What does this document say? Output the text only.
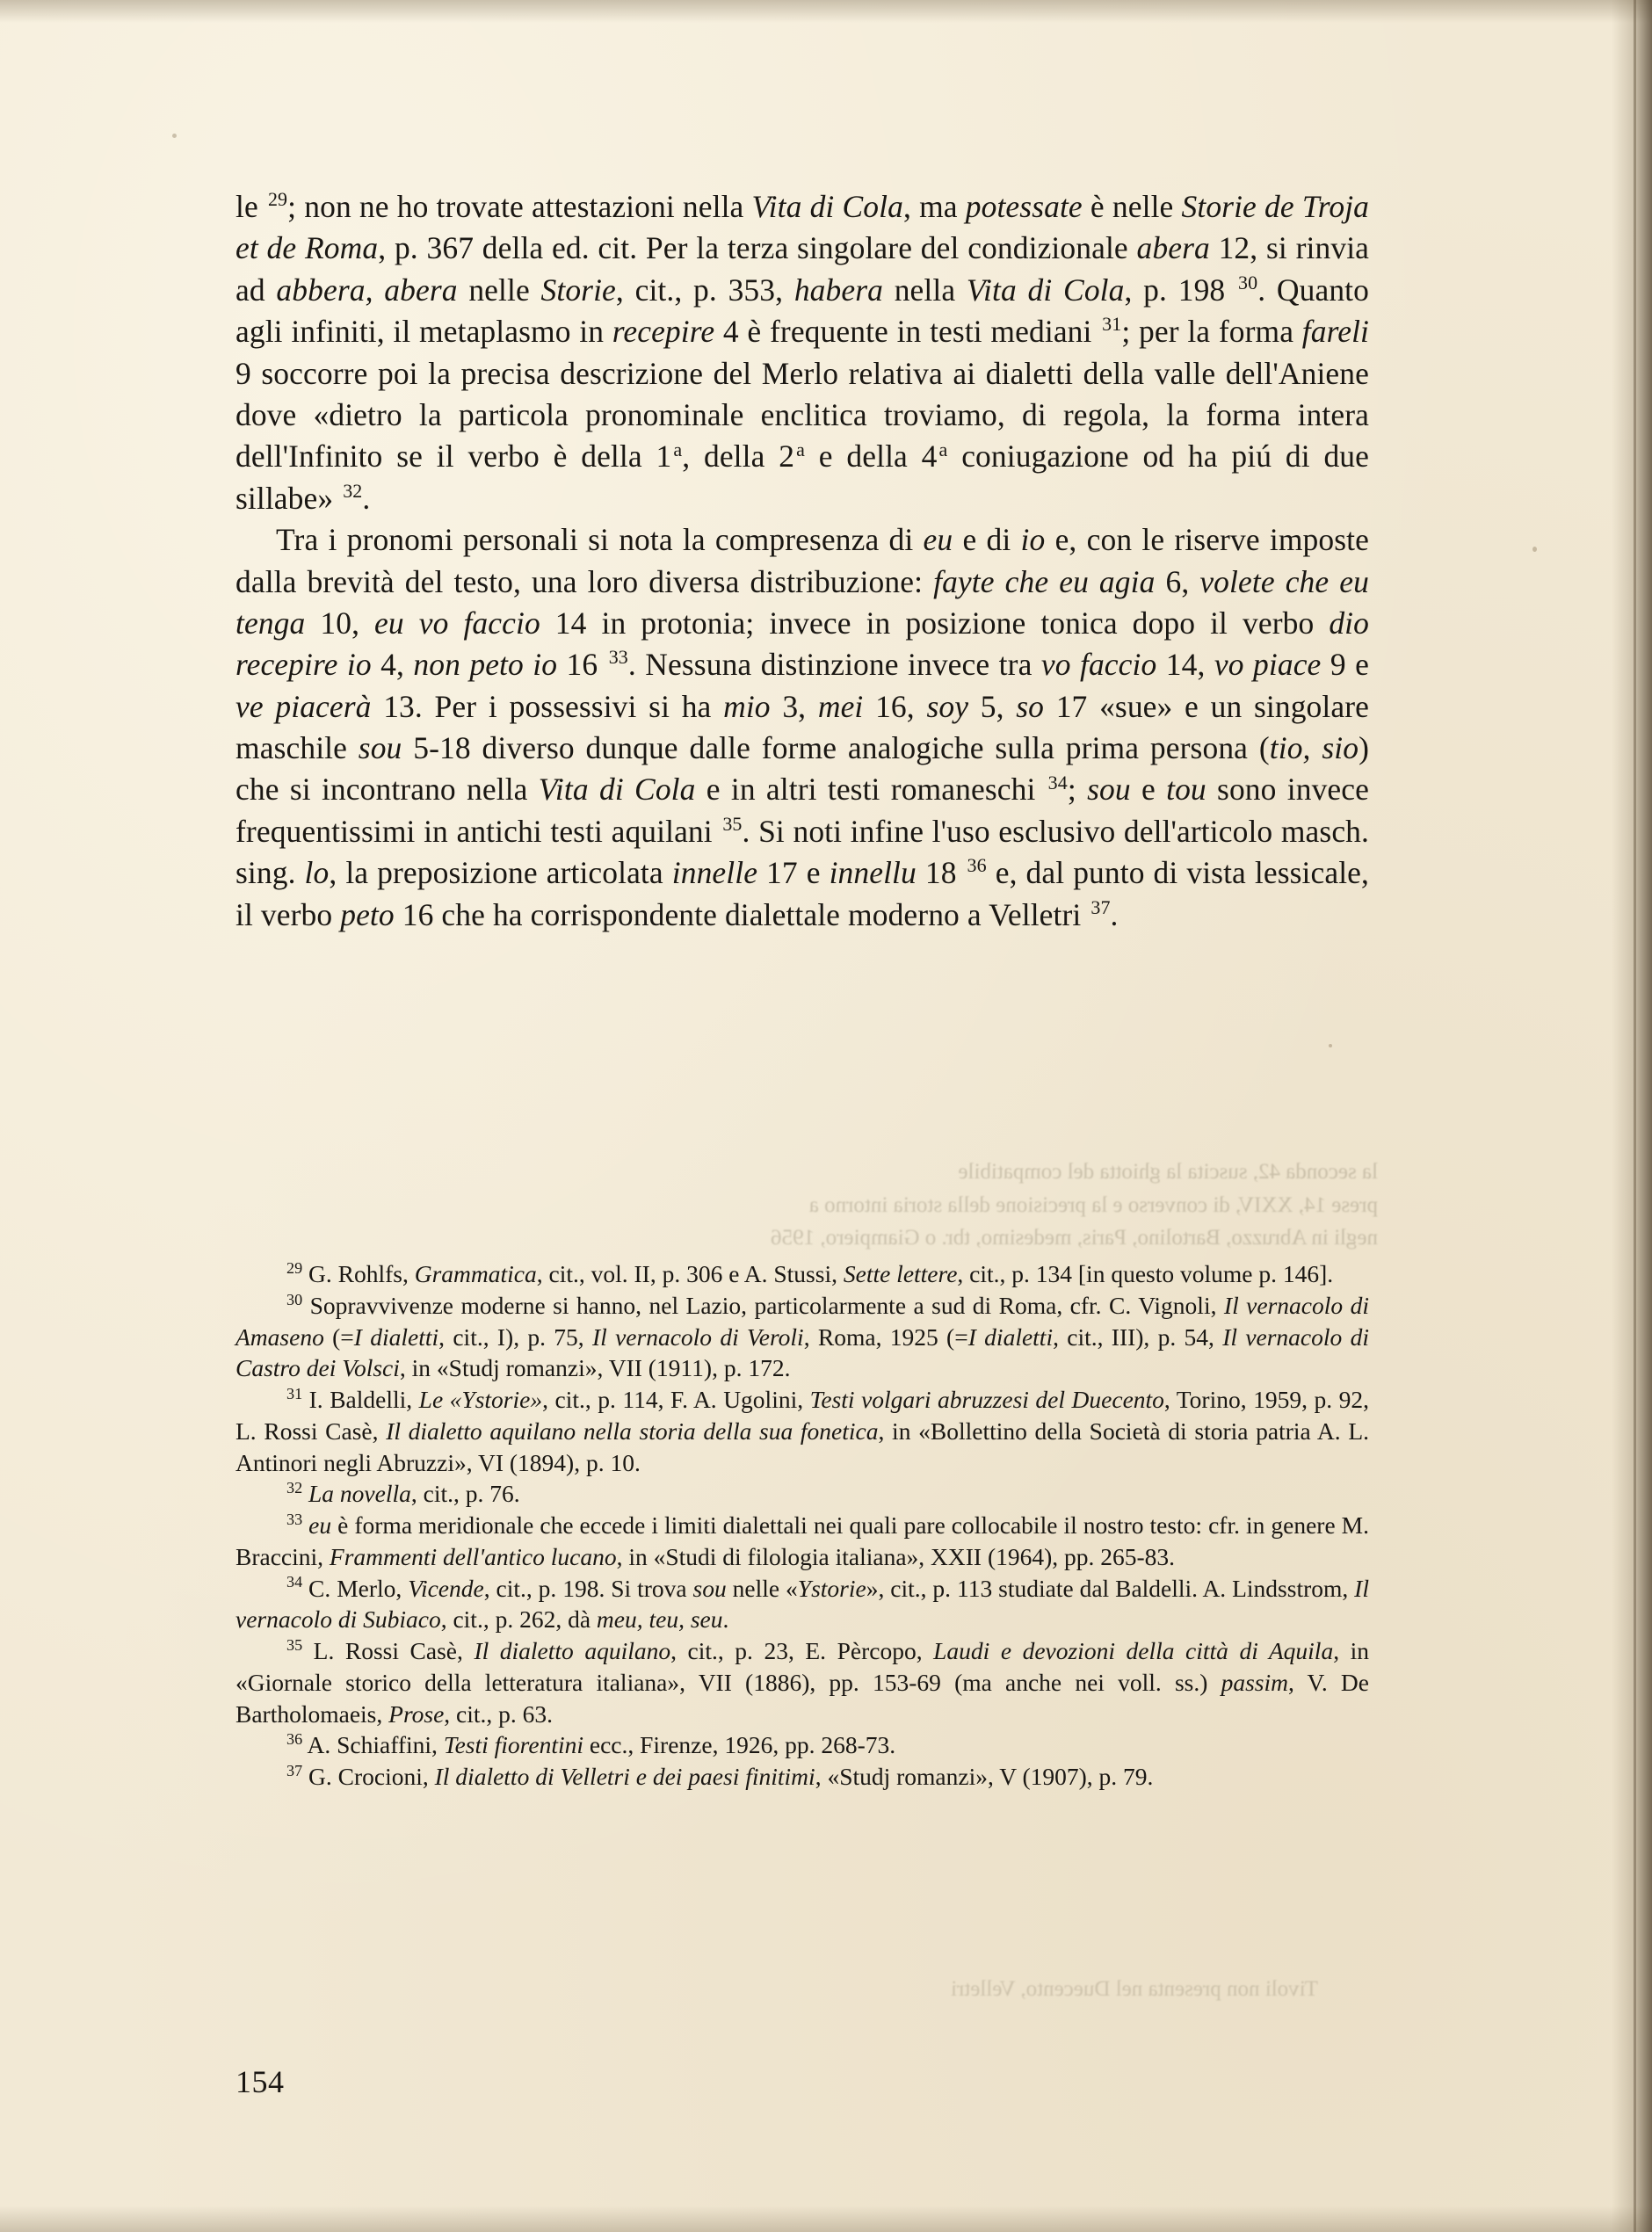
la seconda 42, suscita la ghiotta del compatibile
prese 14, XXIV, di converso e la precisione della storia intorno a
negli in Abruzzo, Bartolino, Paris, medesimo, tbr. o Giampiero, 1956
Tivoli non presenta nel Duecento, Velletri

le $^{29}$; non ne ho trovate attestazioni nella Vita di Cola, ma potessate è nelle Storie de Troja et de Roma, p. 367 della ed. cit. Per la terza singolare del condizionale abera 12, si rinvia ad abbera, abera nelle Storie, cit., p. 353, habera nella Vita di Cola, p. 198 $^{30}$. Quanto agli infiniti, il metaplasmo in recepire 4 è frequente in testi mediani $^{31}$; per la forma fareli 9 soccorre poi la precisa descrizione del Merlo relativa ai dialetti della valle dell'Aniene dove «dietro la particola pronominale enclitica troviamo, di regola, la forma intera dell'Infinito se il verbo è della 1$^a$, della 2$^a$ e della 4$^a$ coniugazione od ha piú di due sillabe» $^{32}$.

Tra i pronomi personali si nota la compresenza di eu e di io e, con le riserve imposte dalla brevità del testo, una loro diversa distribuzione: fayte che eu agia 6, volete che eu tenga 10, eu vo faccio 14 in protonia; invece in posizione tonica dopo il verbo dio recepire io 4, non peto io 16 $^{33}$. Nessuna distinzione invece tra vo faccio 14, vo piace 9 e ve piacerà 13. Per i possessivi si ha mio 3, mei 16, soy 5, so 17 «sue» e un singolare maschile sou 5-18 diverso dunque dalle forme analogiche sulla prima persona (tio, sio) che si incontrano nella Vita di Cola e in altri testi romaneschi $^{34}$; sou e tou sono invece frequentissimi in antichi testi aquilani $^{35}$. Si noti infine l'uso esclusivo dell'articolo masch. sing. lo, la preposizione articolata innelle 17 e innellu 18 $^{36}$ e, dal punto di vista lessicale, il verbo peto 16 che ha corrispondente dialettale moderno a Velletri $^{37}$.

$^{29}$ G. Rohlfs, Grammatica, cit., vol. II, p. 306 e A. Stussi, Sette lettere, cit., p. 134 [in questo volume p. 146].

$^{30}$ Sopravvivenze moderne si hanno, nel Lazio, particolarmente a sud di Roma, cfr. C. Vignoli, Il vernacolo di Amaseno (=I dialetti, cit., I), p. 75, Il vernacolo di Veroli, Roma, 1925 (=I dialetti, cit., III), p. 54, Il vernacolo di Castro dei Volsci, in «Studj romanzi», VII (1911), p. 172.

$^{31}$ I. Baldelli, Le «Ystorie», cit., p. 114, F. A. Ugolini, Testi volgari abruzzesi del Duecento, Torino, 1959, p. 92, L. Rossi Casè, Il dialetto aquilano nella storia della sua fonetica, in «Bollettino della Società di storia patria A. L. Antinori negli Abruzzi», VI (1894), p. 10.

$^{32}$ La novella, cit., p. 76.

$^{33}$ eu è forma meridionale che eccede i limiti dialettali nei quali pare collocabile il nostro testo: cfr. in genere M. Braccini, Frammenti dell'antico lucano, in «Studi di filologia italiana», XXII (1964), pp. 265-83.

$^{34}$ C. Merlo, Vicende, cit., p. 198. Si trova sou nelle «Ystorie», cit., p. 113 studiate dal Baldelli. A. Lindsstrom, Il vernacolo di Subiaco, cit., p. 262, dà meu, teu, seu.

$^{35}$ L. Rossi Casè, Il dialetto aquilano, cit., p. 23, E. Pèrcopo, Laudi e devozioni della città di Aquila, in «Giornale storico della letteratura italiana», VII (1886), pp. 153-69 (ma anche nei voll. ss.) passim, V. De Bartholomaeis, Prose, cit., p. 63.

$^{36}$ A. Schiaffini, Testi fiorentini ecc., Firenze, 1926, pp. 268-73.

$^{37}$ G. Crocioni, Il dialetto di Velletri e dei paesi finitimi, «Studj romanzi», V (1907), p. 79.

154
